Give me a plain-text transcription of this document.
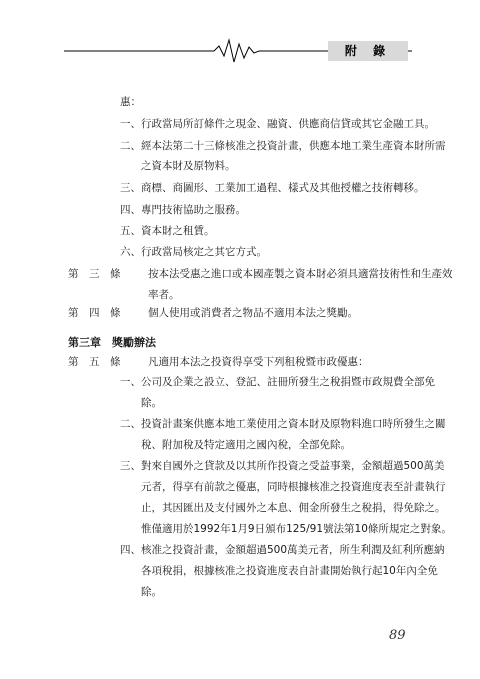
附 錄
惠：
一、 行政當局所訂條件之現金、融資、供應商信貸或其它金融工具。
二、 經本法第二十三條核准之投資計畫，供應本地工業生產資本財所需
之資本財及原物料。
三、 商標、商圖形、工業加工過程、樣式及其他授權之技術轉移。
四、 專門技術協助之服務。
五、 資本財之租賃。
六、 行政當局核定之其它方式。
第　三　條	按本法受惠之進口或本國產製之資本財必須具適當技術性和生產效
率者。
第　四　條	個人使用或消費者之物品不適用本法之獎勵。
第三章　獎勵辦法
第　五　條	凡適用本法之投資得享受下列租稅暨市政優惠：
一、 公司及企業之設立、登記、註冊所發生之稅捐暨市政規費全部免
除。
二、 投資計畫案供應本地工業使用之資本財及原物料進口時所發生之關
稅、附加稅及特定適用之國內稅，全部免除。
三、 對來自國外之貸款及以其所作投資之受益事業，金額超過500萬美
元者，得享有前款之優惠，同時根據核准之投資進度表至計畫執行
止，其因匯出及支付國外之本息、佣金所發生之稅捐，得免除之。
惟僅適用於1992年1月9日頒布125/91號法第10條所規定之對象。
四、 核准之投資計畫，金額超過500萬美元者，所生利潤及紅利所應納
各項稅捐，根據核准之投資進度表自計畫開始執行起10年內全免
除。
89
